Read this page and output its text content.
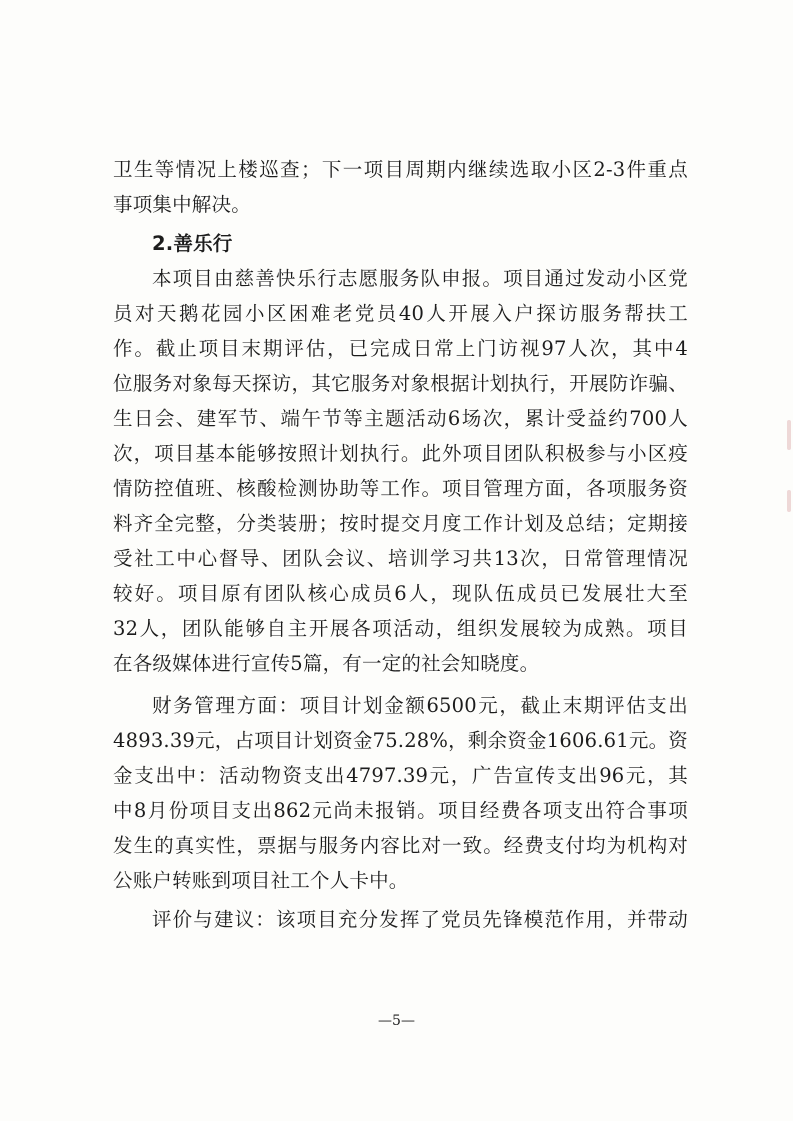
卫生等情况上楼巡查；下一项目周期内继续选取小区2-3件重点
事项集中解决。
2.善乐行
本项目由慈善快乐行志愿服务队申报。项目通过发动小区党
员对天鹅花园小区困难老党员40人开展入户探访服务帮扶工
作。截止项目末期评估，已完成日常上门访视97人次，其中4
位服务对象每天探访，其它服务对象根据计划执行，开展防诈骗、
生日会、建军节、端午节等主题活动6场次，累计受益约700人
次，项目基本能够按照计划执行。此外项目团队积极参与小区疫
情防控值班、核酸检测协助等工作。项目管理方面，各项服务资
料齐全完整，分类装册；按时提交月度工作计划及总结；定期接
受社工中心督导、团队会议、培训学习共13次，日常管理情况
较好。项目原有团队核心成员6人，现队伍成员已发展壮大至
32人，团队能够自主开展各项活动，组织发展较为成熟。项目
在各级媒体进行宣传5篇，有一定的社会知晓度。
财务管理方面：项目计划金额6500元，截止末期评估支出
4893.39元，占项目计划资金75.28%，剩余资金1606.61元。资
金支出中：活动物资支出4797.39元，广告宣传支出96元，其
中8月份项目支出862元尚未报销。项目经费各项支出符合事项
发生的真实性，票据与服务内容比对一致。经费支付均为机构对
公账户转账到项目社工个人卡中。
评价与建议：该项目充分发挥了党员先锋模范作用，并带动
—5—
